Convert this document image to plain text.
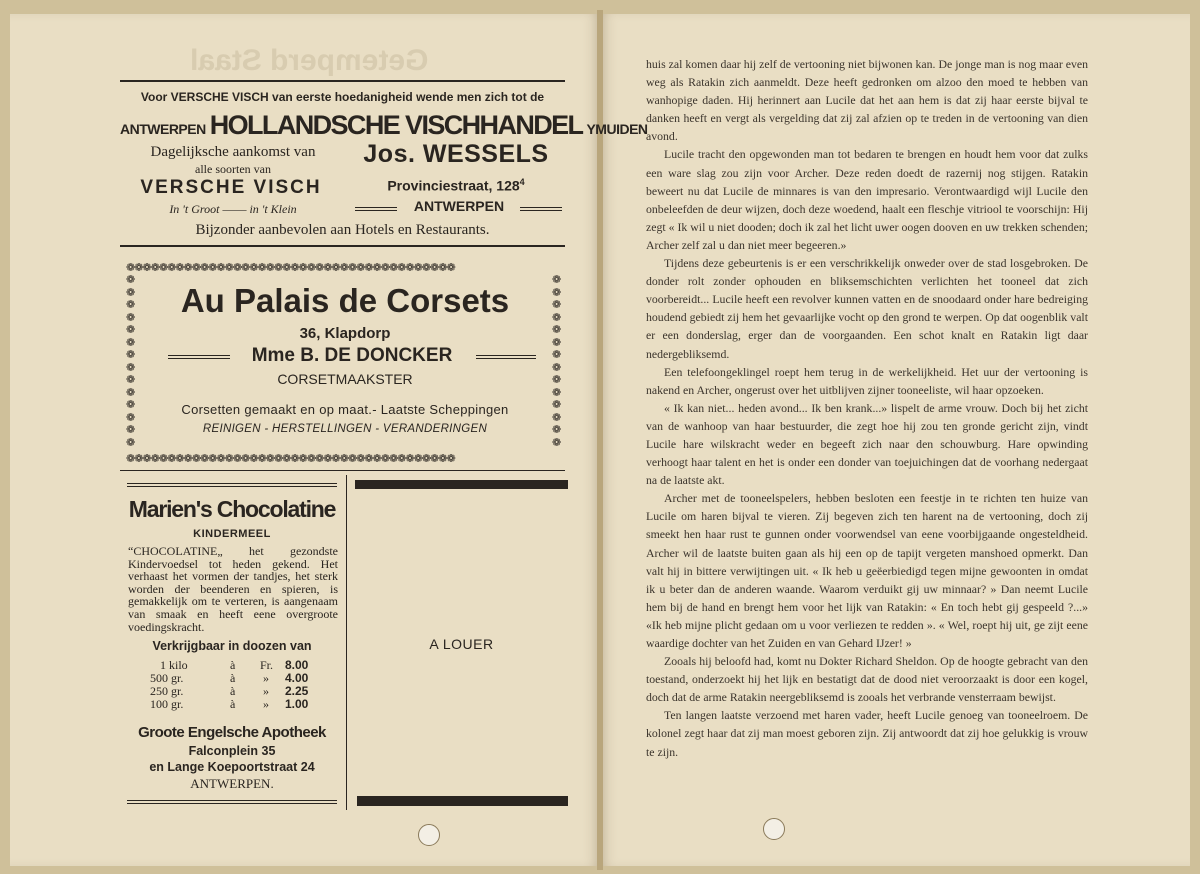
Getemperd Staal
Voor VERSCHE VISCH van eerste hoedanigheid wende men zich tot de
ANTWERPEN HOLLANDSCHE VISCHHANDEL YMUIDEN
Dagelijksche aankomst van
alle soorten van
VERSCHE VISCH
In 't Groot —— in 't Klein
Jos. WESSELS
Provinciestraat, $128^4$
ANTWERPEN
Bijzonder aanbevolen aan Hotels en Restaurants.
❁❁❁❁❁❁❁❁❁❁❁❁❁❁❁❁❁❁❁❁❁❁❁❁❁❁❁❁❁❁❁❁❁❁❁❁❁❁❁❁
❁❁❁❁❁❁❁❁❁❁❁❁❁❁❁❁❁❁❁❁❁❁❁❁❁❁❁❁❁❁❁❁❁❁❁❁❁❁❁❁
❁ ❁ ❁ ❁ ❁ ❁ ❁ ❁ ❁ ❁ ❁ ❁ ❁ ❁
❁ ❁ ❁ ❁ ❁ ❁ ❁ ❁ ❁ ❁ ❁ ❁ ❁ ❁
Au Palais de Corsets
36, Klapdorp
Mme B. DE DONCKER
CORSETMAAKSTER
Corsetten gemaakt en op maat.- Laatste Scheppingen
REINIGEN - HERSTELLINGEN - VERANDERINGEN
Marien's Chocolatine
KINDERMEEL
“CHOCOLATINE„ het gezondste Kindervoedsel tot heden gekend. Het verhaast het vormen der tandjes, het sterk worden der beenderen en spieren, is gemakkelijk om te verteren, is aangenaam van smaak en heeft eene overgroote voedingskracht.
Verkrijgbaar in doozen van
1 kilo	à Fr. 8.00
500 gr.	à » 4.00
250 gr.	à » 2.25
100 gr.	à » 1.00
Groote Engelsche Apotheek
Falconplein 35
en Lange Koepoortstraat 24
ANTWERPEN.
A LOUER

huis zal komen daar hij zelf de vertooning niet bijwonen kan. De jonge man is nog maar even weg als Ratakin zich aanmeldt. Deze heeft gedronken om alzoo den moed te hebben van wanhopige daden. Hij herinnert aan Lucile dat het aan hem is dat zij haar eerste bijval te danken heeft en vergt als vergelding dat zij zal afzien op te treden in de vertooning van dien avond.

Lucile tracht den opgewonden man tot bedaren te brengen en houdt hem voor dat zulks een ware slag zou zijn voor Archer. Deze reden doedt de razernij nog stijgen. Ratakin beweert nu dat Lucile de minnares is van den impresario. Verontwaardigd wijl Lucile den onbeleefden de deur wijzen, doch deze woedend, haalt een fleschje vitriool te voorschijn: Hij zegt « Ik wil u niet dooden; doch ik zal het licht uwer oogen dooven en uw trekken schenden; Archer zelf zal u dan niet meer begeeren.»

Tijdens deze gebeurtenis is er een verschrikkelijk onweder over de stad losgebroken. De donder rolt zonder ophouden en bliksemschichten verlichten het tooneel dat zich voorbereidt... Lucile heeft een revolver kunnen vatten en de snoodaard onder hare bedreiging houdend gebiedt zij hem het gevaarlijke vocht op den grond te werpen. Op dat oogenblik valt er een donderslag, erger dan de voorgaanden. Een schot knalt en Ratakin ligt daar nedergebliksemd.

Een telefoongeklingel roept hem terug in de werkelijkheid. Het uur der vertooning is nakend en Archer, ongerust over het uitblijven zijner tooneeliste, wil haar opzoeken.

« Ik kan niet... heden avond... Ik ben krank...» lispelt de arme vrouw. Doch bij het zicht van de wanhoop van haar bestuurder, die zegt hoe hij zou ten gronde gericht zijn, vindt Lucile hare wilskracht weder en begeeft zich naar den schouwburg. Hare opwinding verhoogt haar talent en het is onder een donder van toejuichingen dat de voorhang nedergaat na de laatste akt.

Archer met de tooneelspelers, hebben besloten een feestje in te richten ten huize van Lucile om haren bijval te vieren. Zij begeven zich ten harent na de vertooning, doch zij smeekt hen haar rust te gunnen onder voorwendsel van eene voorbijgaande ongesteldheid. Archer wil de laatste buiten gaan als hij een op de tapijt vergeten manshoed opmerkt. Dan valt hij in bittere verwijtingen uit. « Ik heb u geëerbiedigd tegen mijne gewoonten in omdat ik u beter dan de anderen waande. Waarom verduikt gij uw minnaar? » Dan neemt Lucile hem bij de hand en brengt hem voor het lijk van Ratakin: « En toch hebt gij gespeeld ?...» «Ik heb mijne plicht gedaan om u voor verliezen te redden ». « Wel, roept hij uit, ge zijt eene waardige dochter van het Zuiden en van Gehard IJzer! »

Zooals hij beloofd had, komt nu Dokter Richard Sheldon. Op de hoogte gebracht van den toestand, onderzoekt hij het lijk en bestatigt dat de dood niet veroorzaakt is door een kogel, doch dat de arme Ratakin neergebliksemd is zooals het verbrande vensterraam bewijst.

Ten langen laatste verzoend met haren vader, heeft Lucile genoeg van tooneelroem. De kolonel zegt haar dat zij man moest geboren zijn. Zij antwoordt dat zij hoe gelukkig is vrouw te zijn.
